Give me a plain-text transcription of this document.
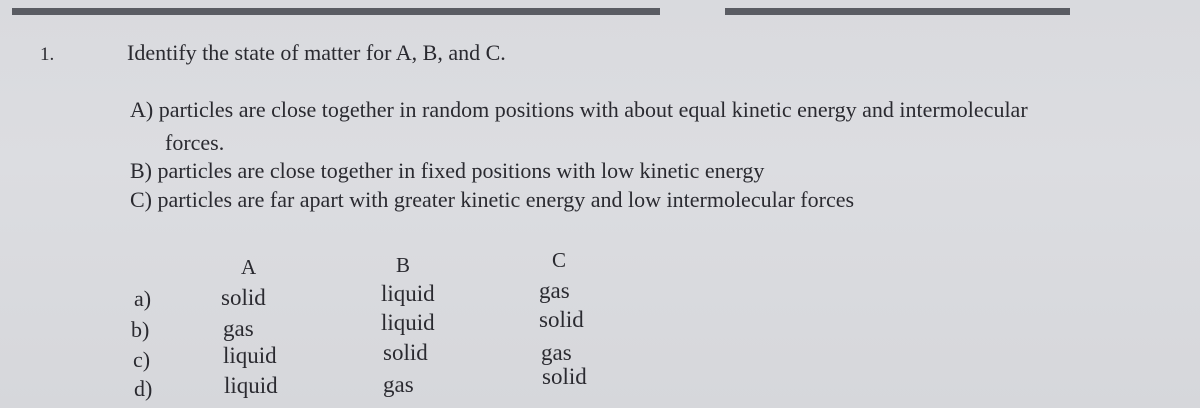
1.	Identify the state of matter for A, B, and C.
A) particles are close together in random positions with about equal kinetic energy and intermolecular
forces.
B) particles are close together in fixed positions with low kinetic energy
C) particles are far apart with greater kinetic energy and low intermolecular forces
A	B	C
a)	solid	liquid	gas
b)	gas	liquid	solid
c)	liquid	solid	gas
d)	liquid	gas	solid
